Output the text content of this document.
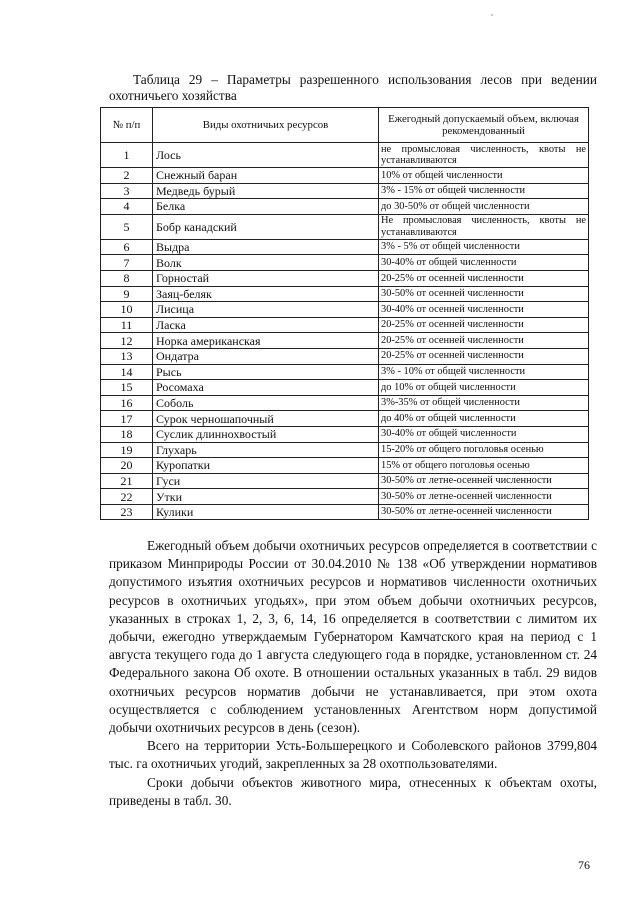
Таблица 29 – Параметры разрешенного использования лесов при ведении
охотничьего хозяйства
№ п/п	Виды охотничьих ресурсов	Ежегодный допускаемый объем, включая рекомендованный
1	Лось	не промысловая численность, квоты не устанавливаются
2	Снежный баран	10% от общей численности
3	Медведь бурый	3% - 15% от общей численности
4	Белка	до 30-50% от общей численности
5	Бобр канадский	Не промысловая численность, квоты не устанавливаются
6	Выдра	3% - 5% от общей численности
7	Волк	30-40% от общей численности
8	Горностай	20-25% от осенней численности
9	Заяц-беляк	30-50% от осенней численности
10	Лисица	30-40% от осенней численности
11	Ласка	20-25% от осенней численности
12	Норка американская	20-25% от осенней численности
13	Ондатра	20-25% от осенней численности
14	Рысь	3% - 10% от общей численности
15	Росомаха	до 10% от общей численности
16	Соболь	3%-35% от общей численности
17	Сурок черношапочный	до 40% от общей численности
18	Суслик длиннохвостый	30-40% от общей численности
19	Глухарь	15-20% от общего поголовья осенью
20	Куропатки	15% от общего поголовья осенью
21	Гуси	30-50% от летне-осенней численности
22	Утки	30-50% от летне-осенней численности
23	Кулики	30-50% от летне-осенней численности

Ежегодный объем добычи охотничьих ресурсов определяется в соответствии с приказом Минприроды России от 30.04.2010 № 138 «Об утверждении нормативов допустимого изъятия охотничьих ресурсов и нормативов численности охотничьих ресурсов в охотничьих угодьях», при этом объем добычи охотничьих ресурсов, указанных в строках 1, 2, 3, 6, 14, 16 определяется в соответствии с лимитом их добычи, ежегодно утверждаемым Губернатором Камчатского края на период с 1 августа текущего года до 1 августа следующего года в порядке, установленном ст. 24 Федерального закона Об охоте. В отношении остальных указанных в табл. 29 видов охотничьих ресурсов норматив добычи не устанавливается, при этом охота осуществляется с соблюдением установленных Агентством норм допустимой добычи охотничьих ресурсов в день (сезон).

Всего на территории Усть-Большерецкого и Соболевского районов 3799,804 тыс. га охотничьих угодий, закрепленных за 28 охотпользователями.

Сроки добычи объектов животного мира, отнесенных к объектам охоты, приведены в табл. 30.

76
